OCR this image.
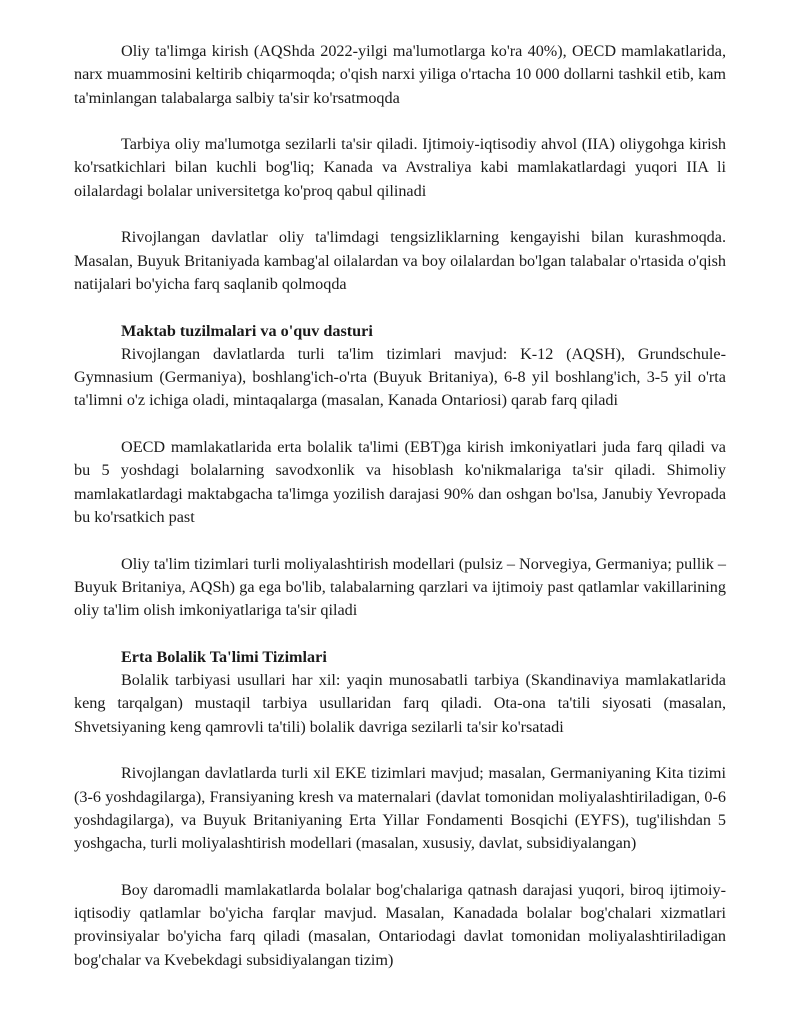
Oliy ta'limga kirish (AQShda 2022-yilgi ma'lumotlarga ko'ra 40%), OECD mamlakatlarida, narx muammosini keltirib chiqarmoqda; o'qish narxi yiliga o'rtacha 10 000 dollarni tashkil etib, kam ta'minlangan talabalarga salbiy ta'sir ko'rsatmoqda

Tarbiya oliy ma'lumotga sezilarli ta'sir qiladi. Ijtimoiy-iqtisodiy ahvol (IIA) oliygohga kirish ko'rsatkichlari bilan kuchli bog'liq; Kanada va Avstraliya kabi mamlakatlardagi yuqori IIA li oilalardagi bolalar universitetga ko'proq qabul qilinadi

Rivojlangan davlatlar oliy ta'limdagi tengsizliklarning kengayishi bilan kurashmoqda. Masalan, Buyuk Britaniyada kambag'al oilalardan va boy oilalardan bo'lgan talabalar o'rtasida o'qish natijalari bo'yicha farq saqlanib qolmoqda

Maktab tuzilmalari va o'quv dasturi

Rivojlangan davlatlarda turli ta'lim tizimlari mavjud: K-12 (AQSH), Grundschule-Gymnasium (Germaniya), boshlang'ich-o'rta (Buyuk Britaniya), 6-8 yil boshlang'ich, 3-5 yil o'rta ta'limni o'z ichiga oladi, mintaqalarga (masalan, Kanada Ontariosi) qarab farq qiladi

OECD mamlakatlarida erta bolalik ta'limi (EBT)ga kirish imkoniyatlari juda farq qiladi va bu 5 yoshdagi bolalarning savodxonlik va hisoblash ko'nikmalariga ta'sir qiladi. Shimoliy mamlakatlardagi maktabgacha ta'limga yozilish darajasi 90% dan oshgan bo'lsa, Janubiy Yevropada bu ko'rsatkich past

Oliy ta'lim tizimlari turli moliyalashtirish modellari (pulsiz – Norvegiya, Germaniya; pullik – Buyuk Britaniya, AQSh) ga ega bo'lib, talabalarning qarzlari va ijtimoiy past qatlamlar vakillarining oliy ta'lim olish imkoniyatlariga ta'sir qiladi

Erta Bolalik Ta'limi Tizimlari

Bolalik tarbiyasi usullari har xil: yaqin munosabatli tarbiya (Skandinaviya mamlakatlarida keng tarqalgan) mustaqil tarbiya usullaridan farq qiladi. Ota-ona ta'tili siyosati (masalan, Shvetsiyaning keng qamrovli ta'tili) bolalik davriga sezilarli ta'sir ko'rsatadi

Rivojlangan davlatlarda turli xil EKE tizimlari mavjud; masalan, Germaniyaning Kita tizimi (3-6 yoshdagilarga), Fransiyaning kresh va maternalari (davlat tomonidan moliyalashtiriladigan, 0-6 yoshdagilarga), va Buyuk Britaniyaning Erta Yillar Fondamenti Bosqichi (EYFS), tug'ilishdan 5 yoshgacha, turli moliyalashtirish modellari (masalan, xususiy, davlat, subsidiyalangan)

Boy daromadli mamlakatlarda bolalar bog'chalariga qatnash darajasi yuqori, biroq ijtimoiy-iqtisodiy qatlamlar bo'yicha farqlar mavjud. Masalan, Kanadada bolalar bog'chalari xizmatlari provinsiyalar bo'yicha farq qiladi (masalan, Ontariodagi davlat tomonidan moliyalashtiriladigan bog'chalar va Kvebekdagi subsidiyalangan tizim)
